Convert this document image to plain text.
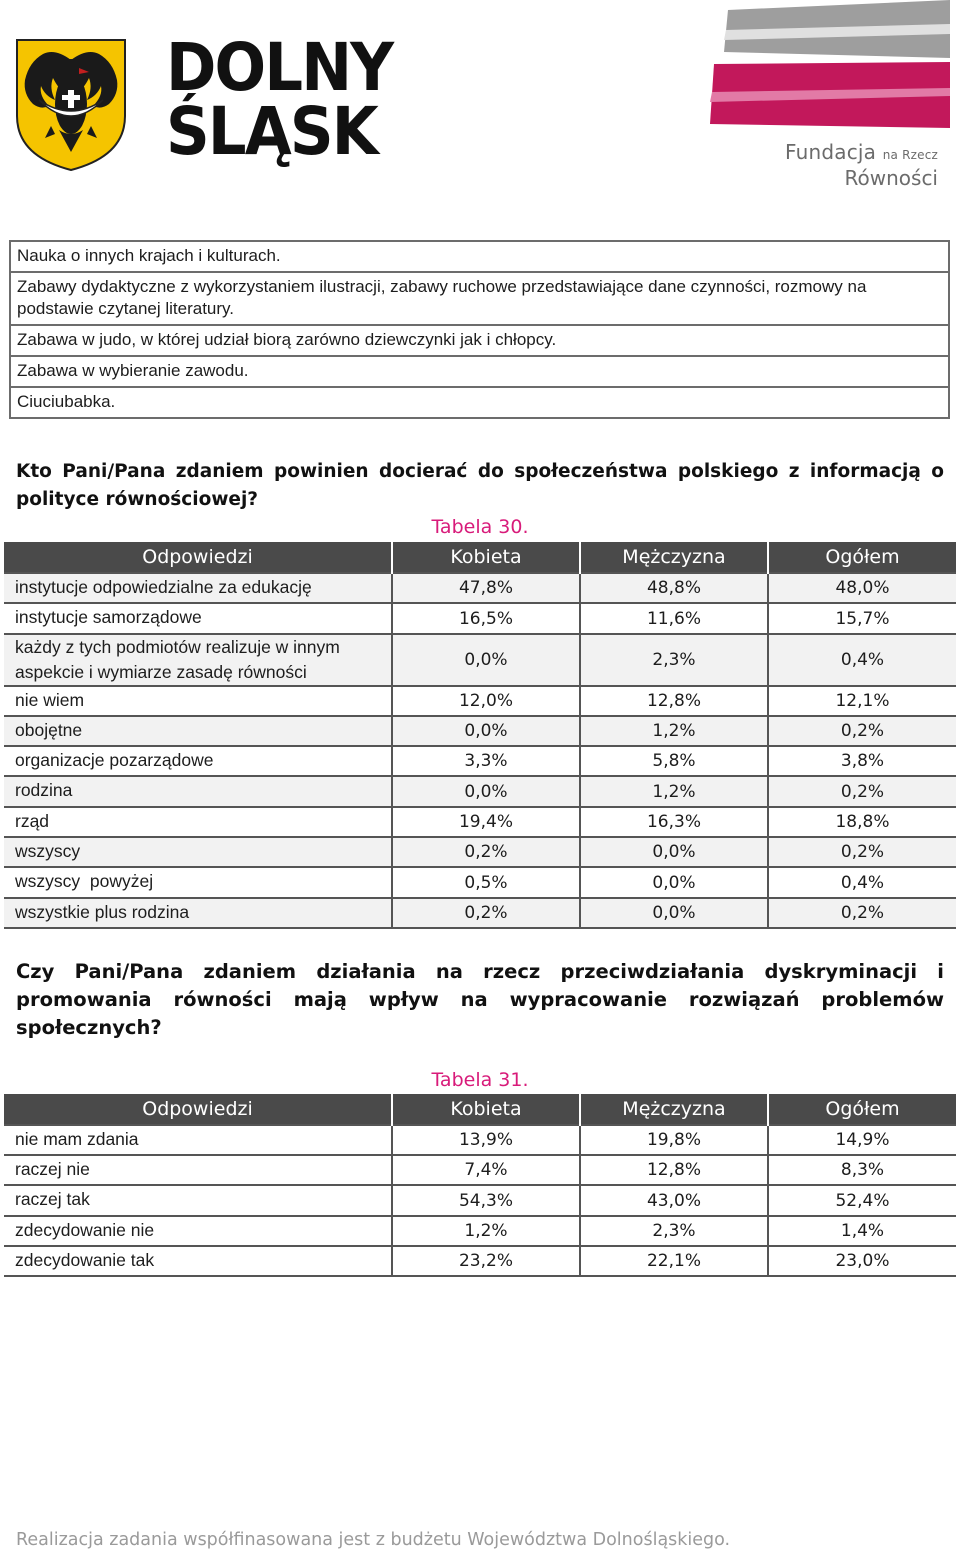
DOLNY
ŚLĄSK	Fundacja na Rzecz
Równości
Nauka o innych krajach i kulturach.
Zabawy dydaktyczne z wykorzystaniem ilustracji, zabawy ruchowe przedstawiające dane czynności, rozmowy na podstawie czytanej literatury.
Zabawa w judo, w której udział biorą zarówno dziewczynki jak i chłopcy.
Zabawa w wybieranie zawodu.
Ciuciubabka.
Kto Pani/Pana zdaniem powinien docierać do społeczeństwa polskiego z informacją o polityce równościowej?
Tabela 30.
Odpowiedzi	Kobieta	Mężczyzna	Ogółem
instytucje odpowiedzialne za edukację	47,8%	48,8%	48,0%
instytucje samorządowe	16,5%	11,6%	15,7%
każdy z tych podmiotów realizuje w innym aspekcie i wymiarze zasadę równości	0,0%	2,3%	0,4%
nie wiem	12,0%	12,8%	12,1%
obojętne	0,0%	1,2%	0,2%
organizacje pozarządowe	3,3%	5,8%	3,8%
rodzina	0,0%	1,2%	0,2%
rząd	19,4%	16,3%	18,8%
wszyscy	0,2%	0,0%	0,2%
wszyscy  powyżej	0,5%	0,0%	0,4%
wszystkie plus rodzina	0,2%	0,0%	0,2%
Czy Pani/Pana zdaniem działania na rzecz przeciwdziałania dyskryminacji i promowania równości mają wpływ na wypracowanie rozwiązań problemów społecznych?
Tabela 31.
Odpowiedzi	Kobieta	Mężczyzna	Ogółem
nie mam zdania	13,9%	19,8%	14,9%
raczej nie	7,4%	12,8%	8,3%
raczej tak	54,3%	43,0%	52,4%
zdecydowanie nie	1,2%	2,3%	1,4%
zdecydowanie tak	23,2%	22,1%	23,0%
Realizacja zadania współfinasowana jest z budżetu Województwa Dolnośląskiego.
